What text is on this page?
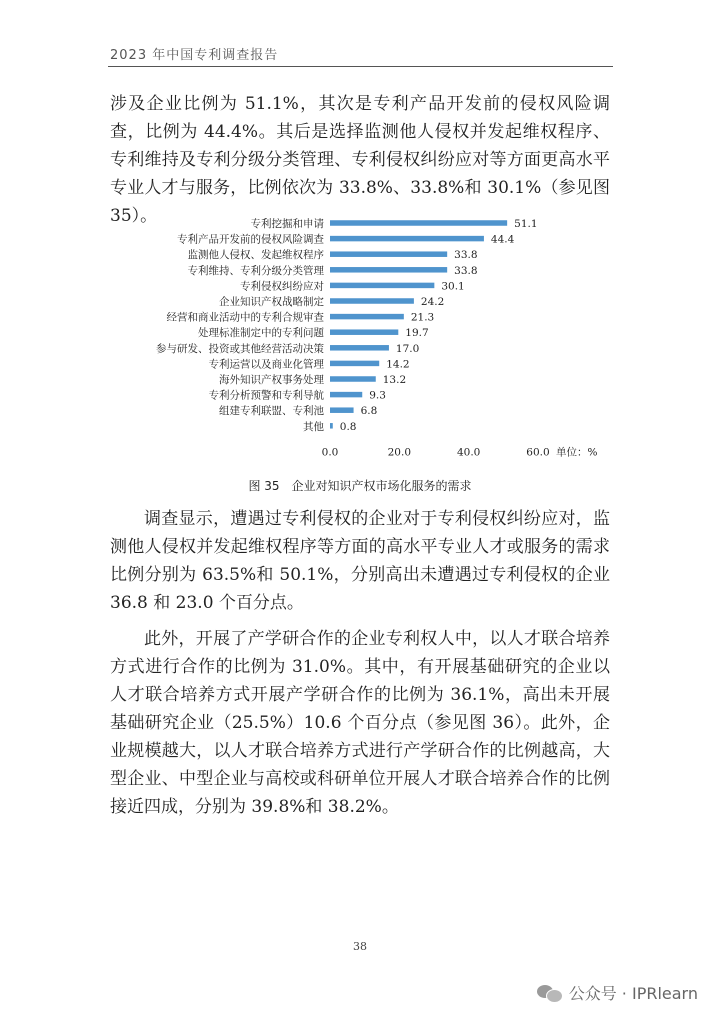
2023 年中国专利调查报告

涉及企业比例为 51.1%，其次是专利产品开发前的侵权风险调查，比例为 44.4%。其后是选择监测他人侵权并发起维权程序、专利维持及专利分级分类管理、专利侵权纠纷应对等方面更高水平专业人才与服务，比例依次为 33.8%、33.8%和 30.1%（参见图 35）。	专利挖掘和申请	51.1
专利产品开发前的侵权风险调查	44.4
监测他人侵权、发起维权程序	33.8
专利维持、专利分级分类管理	33.8
专利侵权纠纷应对	30.1
企业知识产权战略制定	24.2
经营和商业活动中的专利合规审查	21.3
处理标准制定中的专利问题	19.7
参与研发、投资或其他经营活动决策	17.0
专利运营以及商业化管理	14.2
海外知识产权事务处理	13.2
专利分析预警和专利导航	9.3
组建专利联盟、专利池	6.8
其他 0.8
0.0	20.0	40.0	60.0 单位：%
图 35　企业对知识产权市场化服务的需求

调查显示，遭遇过专利侵权的企业对于专利侵权纠纷应对，监测他人侵权并发起维权程序等方面的高水平专业人才或服务的需求比例分别为 63.5%和 50.1%，分别高出未遭遇过专利侵权的企业 36.8 和 23.0 个百分点。

此外，开展了产学研合作的企业专利权人中，以人才联合培养方式进行合作的比例为 31.0%。其中，有开展基础研究的企业以人才联合培养方式开展产学研合作的比例为 36.1%，高出未开展基础研究企业（25.5%）10.6 个百分点（参见图 36）。此外，企业规模越大，以人才联合培养方式进行产学研合作的比例越高，大型企业、中型企业与高校或科研单位开展人才联合培养合作的比例接近四成，分别为 39.8%和 38.2%。

38
公众号 · IPRlearn
